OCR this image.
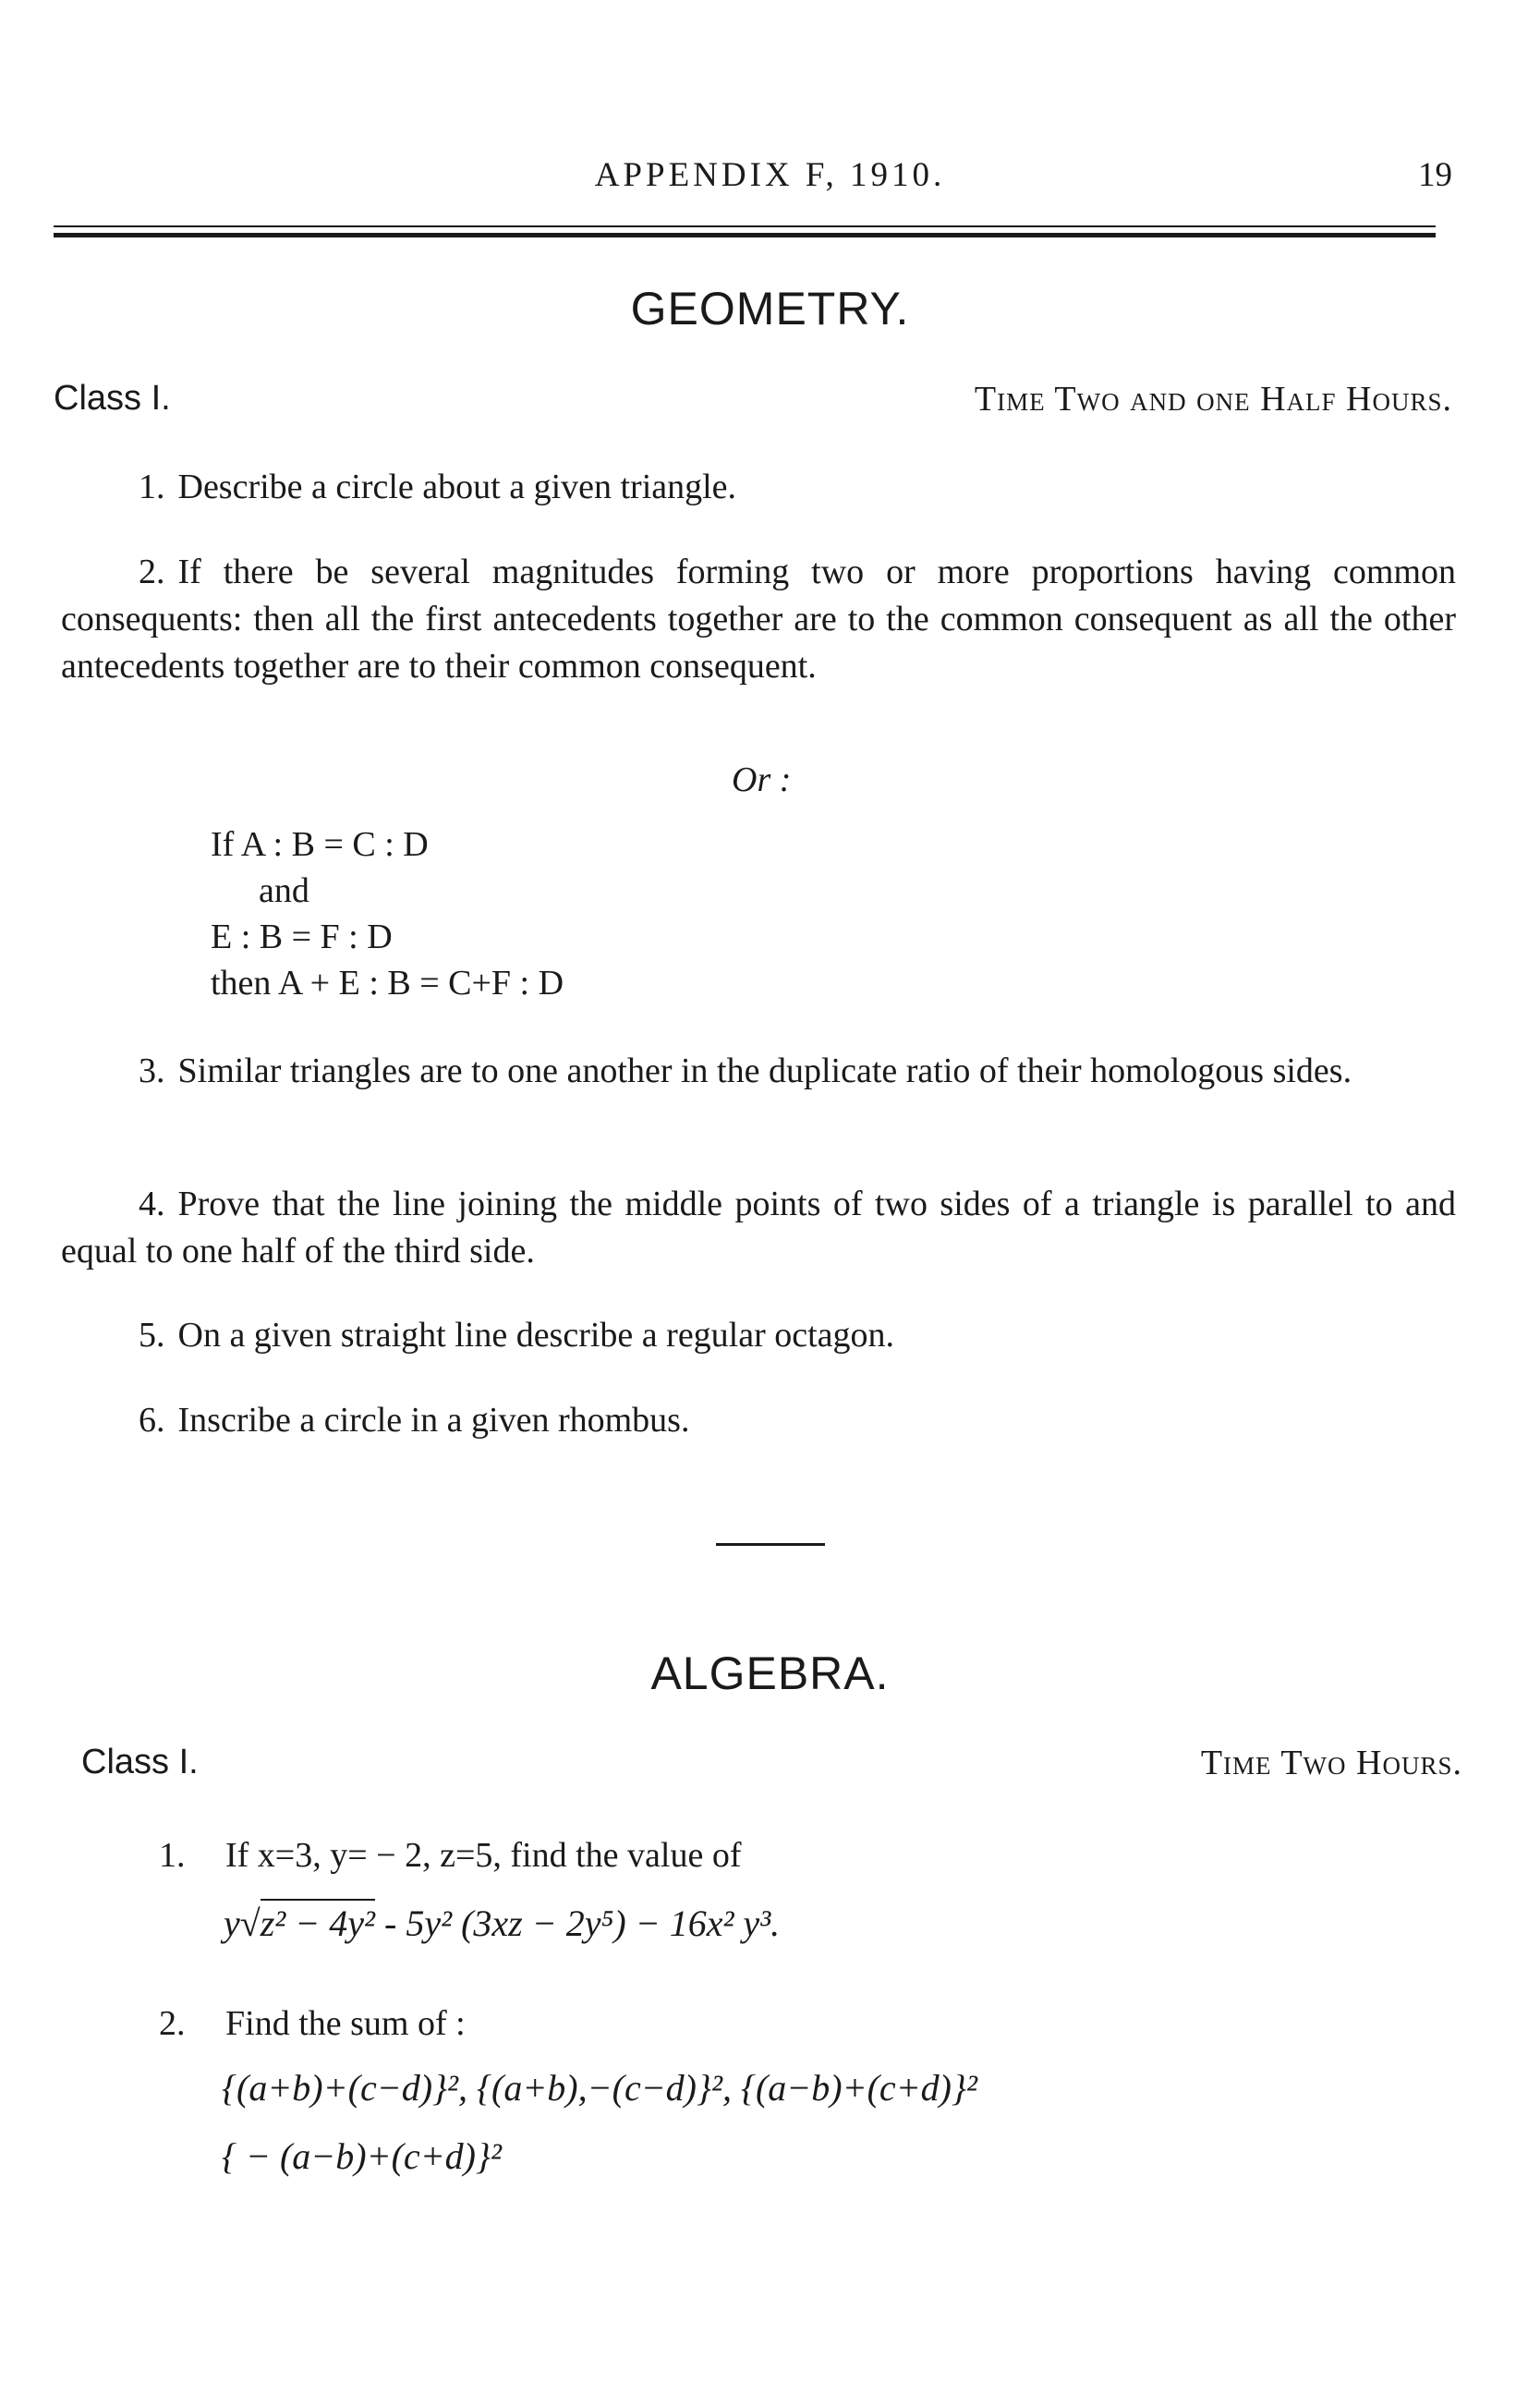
APPENDIX F, 1910.	19
GEOMETRY.
Class I.	Time Two and one Half Hours.
1. Describe a circle about a given triangle.
2. If there be several magnitudes forming two or more proportions having common consequents: then all the first antecedents together are to the common consequent as all the other antecedents together are to their common consequent.
Or :
If A : B = C : D
and
E : B = F : D
then A + E : B = C+F : D
3. Similar triangles are to one another in the duplicate ratio of their homologous sides.
4. Prove that the line joining the middle points of two sides of a triangle is parallel to and equal to one half of the third side.
5. On a given straight line describe a regular octagon.
6. Inscribe a circle in a given rhombus.
ALGEBRA.
Class I.	Time Two Hours.
1. If x=3, y= − 2, z=5, find the value of
y√z² − 4y² - 5y² (3xz − 2y⁵) − 16x² y³.
2. Find the sum of :
{(a+b)+(c−d)}², {(a+b),−(c−d)}², {(a−b)+(c+d)}²
{ − (a−b)+(c+d)}²
